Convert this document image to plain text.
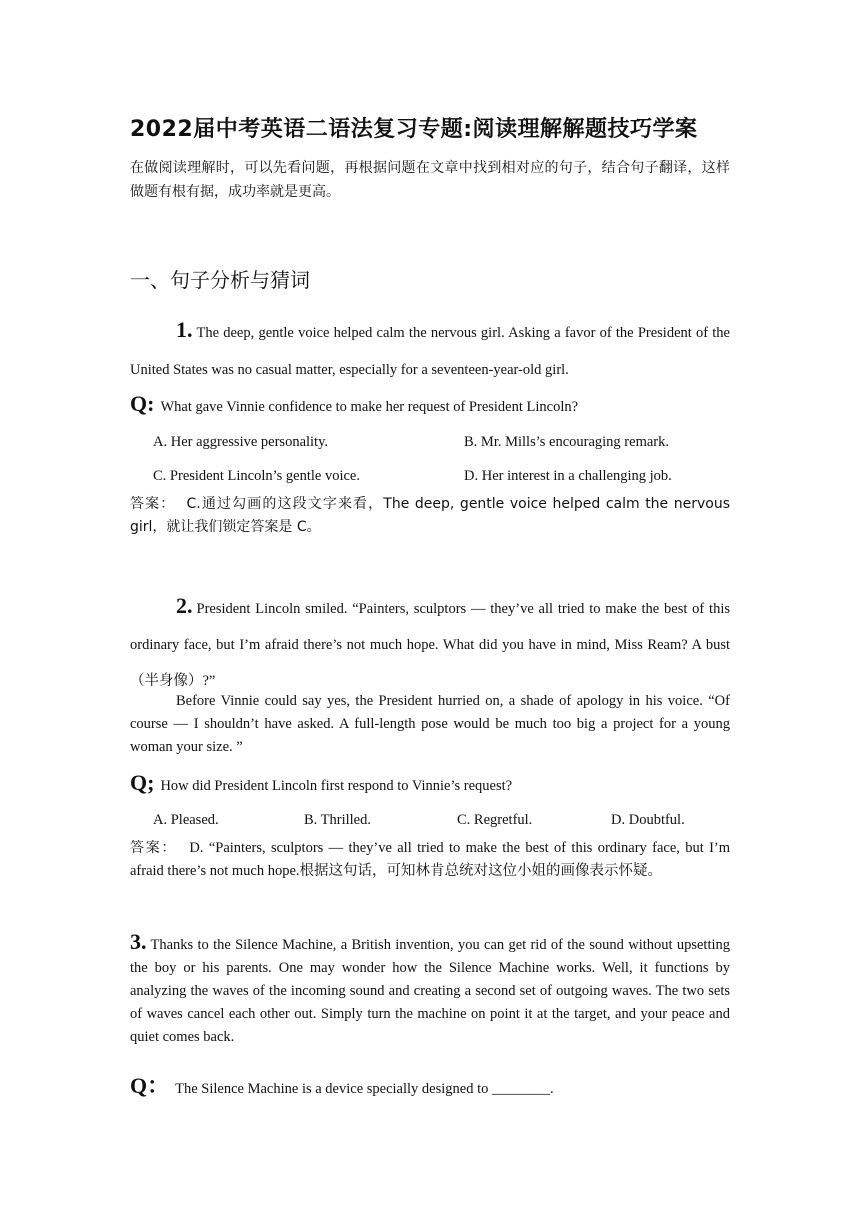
2022届中考英语二语法复习专题:阅读理解解题技巧学案
在做阅读理解时，可以先看问题，再根据问题在文章中找到相对应的句子，结合句子翻译，这样做题有根有据，成功率就是更高。
一、句子分析与猜词
1. The deep, gentle voice helped calm the nervous girl. Asking a favor of the President of the United States was no casual matter, especially for a seventeen-year-old girl.
Q: What gave Vinnie confidence to make her request of President Lincoln?
A. Her aggressive personality.	B. Mr. Mills’s encouraging remark.
C. President Lincoln’s gentle voice.	D. Her interest in a challenging job.
答案： C.通过勾画的这段文字来看，The deep, gentle voice helped calm the nervous girl，就让我们锁定答案是 C。
2. President Lincoln smiled. “Painters, sculptors — they’ve all tried to make the best of this ordinary face, but I’m afraid there’s not much hope. What did you have in mind, Miss Ream? A bust（半身像）?”
Before Vinnie could say yes, the President hurried on, a shade of apology in his voice. “Of course — I shouldn’t have asked. A full-length pose would be much too big a project for a young woman your size. ”
Q; How did President Lincoln first respond to Vinnie’s request?
A. Pleased.	B. Thrilled.	C. Regretful.	D. Doubtful.
答案： D. “Painters, sculptors — they’ve all tried to make the best of this ordinary face, but I’m afraid there’s not much hope.根据这句话，可知林肯总统对这位小姐的画像表示怀疑。
3. Thanks to the Silence Machine, a British invention, you can get rid of the sound without upsetting the boy or his parents. One may wonder how the Silence Machine works. Well, it functions by analyzing the waves of the incoming sound and creating a second set of outgoing waves. The two sets of waves cancel each other out. Simply turn the machine on point it at the target, and your peace and quiet comes back.
Q： The Silence Machine is a device specially designed to ________.
